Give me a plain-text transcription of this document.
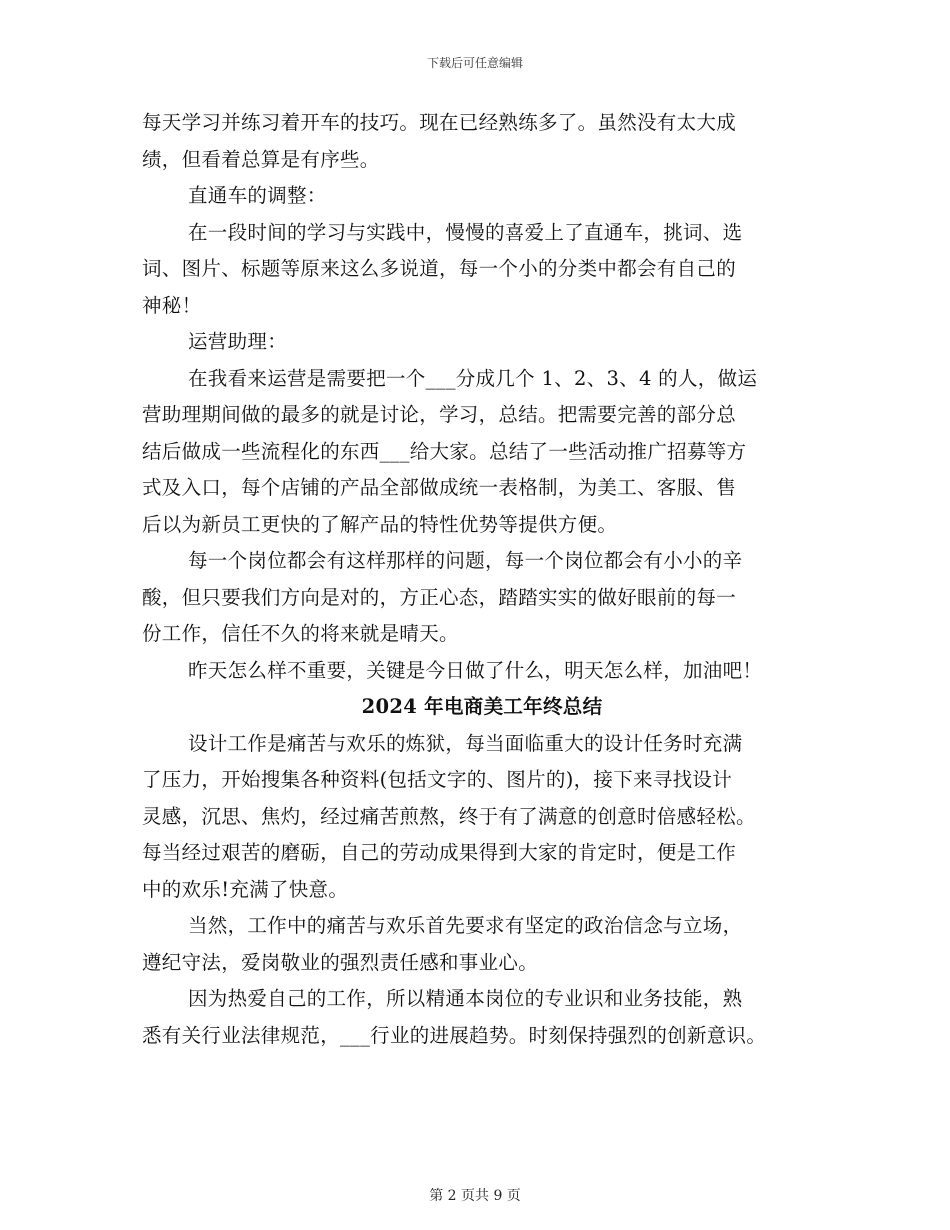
下载后可任意编辑
每天学习并练习着开车的技巧。现在已经熟练多了。虽然没有太大成
绩，但看着总算是有序些。
直通车的调整：
在一段时间的学习与实践中，慢慢的喜爱上了直通车，挑词、选
词、图片、标题等原来这么多说道，每一个小的分类中都会有自己的
神秘！
运营助理：
在我看来运营是需要把一个___分成几个 1、2、3、4 的人，做运
营助理期间做的最多的就是讨论，学习，总结。把需要完善的部分总
结后做成一些流程化的东西___给大家。总结了一些活动推广招募等方
式及入口，每个店铺的产品全部做成统一表格制，为美工、客服、售
后以为新员工更快的了解产品的特性优势等提供方便。
每一个岗位都会有这样那样的问题，每一个岗位都会有小小的辛
酸，但只要我们方向是对的，方正心态，踏踏实实的做好眼前的每一
份工作，信任不久的将来就是晴天。
昨天怎么样不重要，关键是今日做了什么，明天怎么样，加油吧！
2024 年电商美工年终总结
设计工作是痛苦与欢乐的炼狱，每当面临重大的设计任务时充满
了压力，开始搜集各种资料(包括文字的、图片的)，接下来寻找设计
灵感，沉思、焦灼，经过痛苦煎熬，终于有了满意的创意时倍感轻松。
每当经过艰苦的磨砺，自己的劳动成果得到大家的肯定时，便是工作
中的欢乐!充满了快意。
当然，工作中的痛苦与欢乐首先要求有坚定的政治信念与立场，
遵纪守法，爱岗敬业的强烈责任感和事业心。
因为热爱自己的工作，所以精通本岗位的专业识和业务技能，熟
悉有关行业法律规范，___行业的进展趋势。时刻保持强烈的创新意识。
第 2 页共 9 页
